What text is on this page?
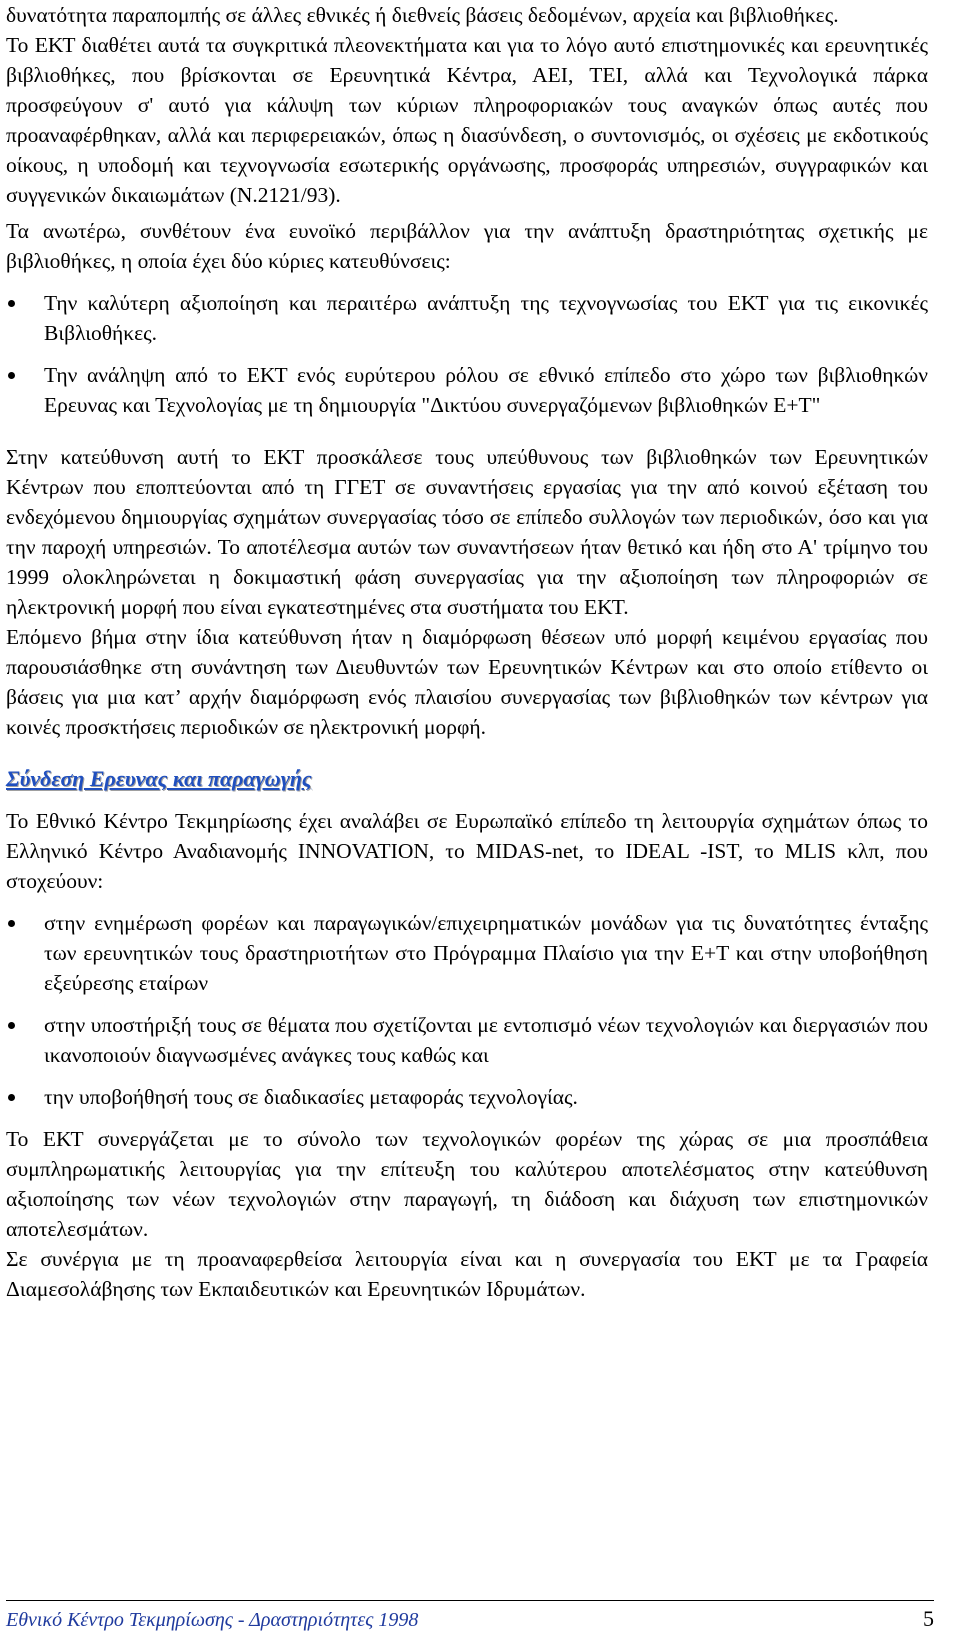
δυνατότητα παραπομπής σε άλλες εθνικές ή διεθνείς βάσεις δεδομένων, αρχεία και βιβλιοθήκες.

Το ΕΚΤ διαθέτει αυτά τα συγκριτικά πλεονεκτήματα και για το λόγο αυτό επιστημονικές και ερευνητικές βιβλιοθήκες, που βρίσκονται σε Ερευνητικά Κέντρα, ΑΕΙ, ΤΕΙ, αλλά και Τεχνολογικά πάρκα προσφεύγουν σ' αυτό για κάλυψη των κύριων πληροφοριακών τους αναγκών όπως αυτές που προαναφέρθηκαν, αλλά και περιφερειακών, όπως η διασύνδεση, ο συντονισμός, οι σχέσεις με εκδοτικούς οίκους, η υποδομή και τεχνογνωσία εσωτερικής οργάνωσης, προσφοράς υπηρεσιών, συγγραφικών και συγγενικών δικαιωμάτων (Ν.2121/93).

Τα ανωτέρω, συνθέτουν ένα ευνοϊκό περιβάλλον για την ανάπτυξη δραστηριότητας σχετικής με βιβλιοθήκες, η οποία έχει δύο κύριες κατευθύνσεις:

Την καλύτερη αξιοποίηση και περαιτέρω ανάπτυξη της τεχνογνωσίας του ΕΚΤ για τις εικονικές Βιβλιοθήκες.
Την ανάληψη από το ΕΚΤ ενός ευρύτερου ρόλου σε εθνικό επίπεδο στο χώρο των βιβλιοθηκών Ερευνας και Τεχνολογίας με τη δημιουργία "Δικτύου συνεργαζόμενων βιβλιοθηκών Ε+Τ"

Στην κατεύθυνση αυτή το ΕΚΤ προσκάλεσε τους υπεύθυνους των βιβλιοθηκών των Ερευνητικών Κέντρων που εποπτεύονται από τη ΓΓΕΤ σε συναντήσεις εργασίας για την από κοινού εξέταση του ενδεχόμενου δημιουργίας σχημάτων συνεργασίας τόσο σε επίπεδο συλλογών των περιοδικών, όσο και για την παροχή υπηρεσιών. Το αποτέλεσμα αυτών των συναντήσεων ήταν θετικό και ήδη στο Α' τρίμηνο του 1999 ολοκληρώνεται η δοκιμαστική φάση συνεργασίας για την αξιοποίηση των πληροφοριών σε ηλεκτρονική μορφή που είναι εγκατεστημένες στα συστήματα του ΕΚΤ.

Επόμενο βήμα στην ίδια κατεύθυνση ήταν η διαμόρφωση θέσεων υπό μορφή κειμένου εργασίας που παρουσιάσθηκε στη συνάντηση των Διευθυντών των Ερευνητικών Κέντρων και στο οποίο ετίθεντο οι βάσεις για μια κατ’ αρχήν διαμόρφωση ενός πλαισίου συνεργασίας των βιβλιοθηκών των κέντρων για κοινές προσκτήσεις περιοδικών σε ηλεκτρονική μορφή.

Σύνδεση Ερευνας και παραγωγής

Το Εθνικό Κέντρο Τεκμηρίωσης έχει αναλάβει σε Ευρωπαϊκό επίπεδο τη λειτουργία σχημάτων όπως το Ελληνικό Κέντρο Αναδιανομής INNOVATION, το MIDAS-net, το IDEAL -IST, το MLIS κλπ, που στοχεύουν:

στην ενημέρωση φορέων και παραγωγικών/επιχειρηματικών μονάδων για τις δυνατότητες ένταξης των ερευνητικών τους δραστηριοτήτων στο Πρόγραμμα Πλαίσιο για την Ε+Τ και στην υποβοήθηση εξεύρεσης εταίρων
στην υποστήριξή τους σε θέματα που σχετίζονται με εντοπισμό νέων τεχνολογιών και διεργασιών που ικανοποιούν διαγνωσμένες ανάγκες τους καθώς και
την υποβοήθησή τους σε διαδικασίες μεταφοράς τεχνολογίας.

Το ΕΚΤ συνεργάζεται με το σύνολο των τεχνολογικών φορέων της χώρας σε μια προσπάθεια συμπληρωματικής λειτουργίας για την επίτευξη του καλύτερου αποτελέσματος στην κατεύθυνση αξιοποίησης των νέων τεχνολογιών στην παραγωγή, τη διάδοση και διάχυση των επιστημονικών αποτελεσμάτων.

Σε συνέργια με τη προαναφερθείσα λειτουργία είναι και η συνεργασία του ΕΚΤ με τα Γραφεία Διαμεσολάβησης των Εκπαιδευτικών και Ερευνητικών Ιδρυμάτων.

Εθνικό Κέντρο Τεκμηρίωσης - Δραστηριότητες 1998	5
